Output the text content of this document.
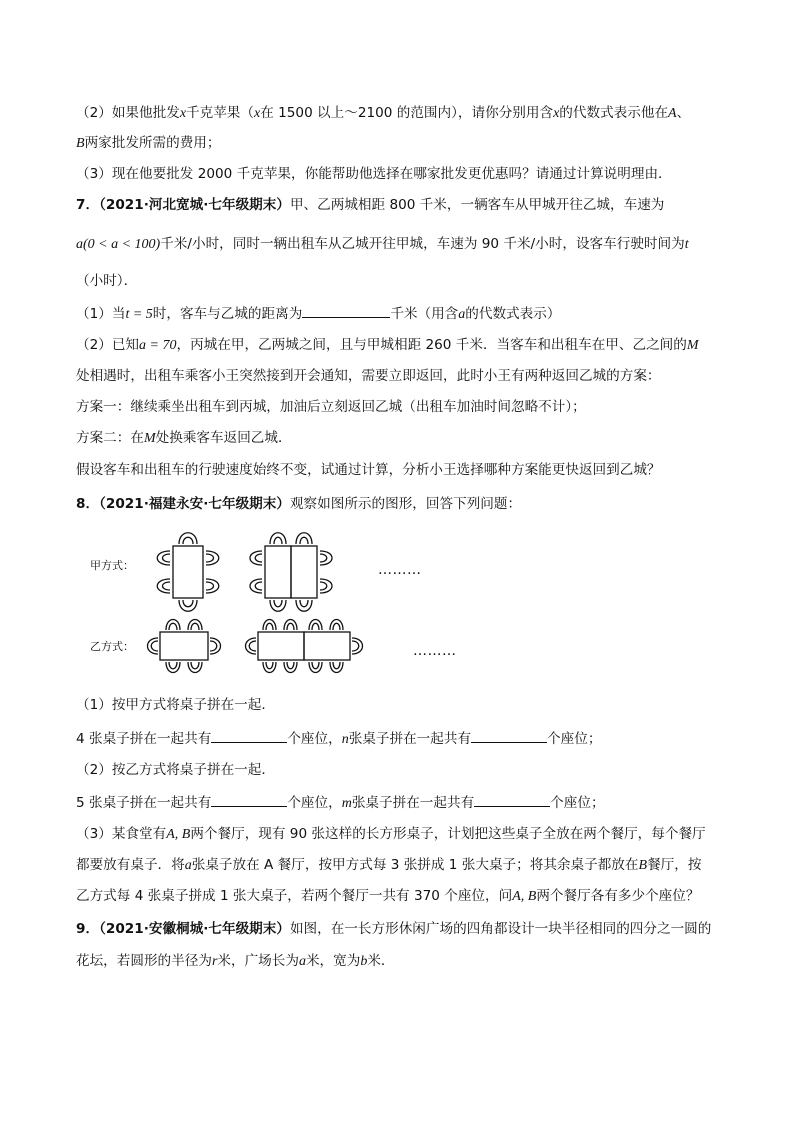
（2）如果他批发x千克苹果（x在 1500 以上～2100 的范围内），请你分别用含x的代数式表示他在A、
B两家批发所需的费用；
（3）现在他要批发 2000 千克苹果，你能帮助他选择在哪家批发更优惠吗？请通过计算说明理由．
7．（2021·河北宽城·七年级期末）甲、乙两城相距 800 千米，一辆客车从甲城开往乙城，车速为
a(0 < a < 100)千米/小时，同时一辆出租车从乙城开往甲城，车速为 90 千米/小时，设客车行驶时间为t
（小时）．
（1）当t = 5时，客车与乙城的距离为	千米（用含a的代数式表示）
（2）已知a = 70，丙城在甲，乙两城之间，且与甲城相距 260 千米．当客车和出租车在甲、乙之间的M
处相遇时，出租车乘客小王突然接到开会通知，需要立即返回，此时小王有两种返回乙城的方案：
方案一：继续乘坐出租车到丙城，加油后立刻返回乙城（出租车加油时间忽略不计）；
方案二：在M处换乘客车返回乙城．
假设客车和出租车的行驶速度始终不变，试通过计算，分析小王选择哪种方案能更快返回到乙城？
8．（2021·福建永安·七年级期末）观察如图所示的图形，回答下列问题：
甲方式：
乙方式：
………
………
（1）按甲方式将桌子拼在一起．
4 张桌子拼在一起共有	个座位，n张桌子拼在一起共有	个座位；
（2）按乙方式将桌子拼在一起．
5 张桌子拼在一起共有	个座位，m张桌子拼在一起共有	个座位；
（3）某食堂有A, B两个餐厅，现有 90 张这样的长方形桌子，计划把这些桌子全放在两个餐厅，每个餐厅
都要放有桌子．将a张桌子放在 A 餐厅，按甲方式每 3 张拼成 1 张大桌子；将其余桌子都放在B餐厅，按
乙方式每 4 张桌子拼成 1 张大桌子，若两个餐厅一共有 370 个座位，问A, B两个餐厅各有多少个座位？
9．（2021·安徽桐城·七年级期末）如图，在一长方形休闲广场的四角都设计一块半径相同的四分之一圆的
花坛，若圆形的半径为r米，广场长为a米，宽为b米．
